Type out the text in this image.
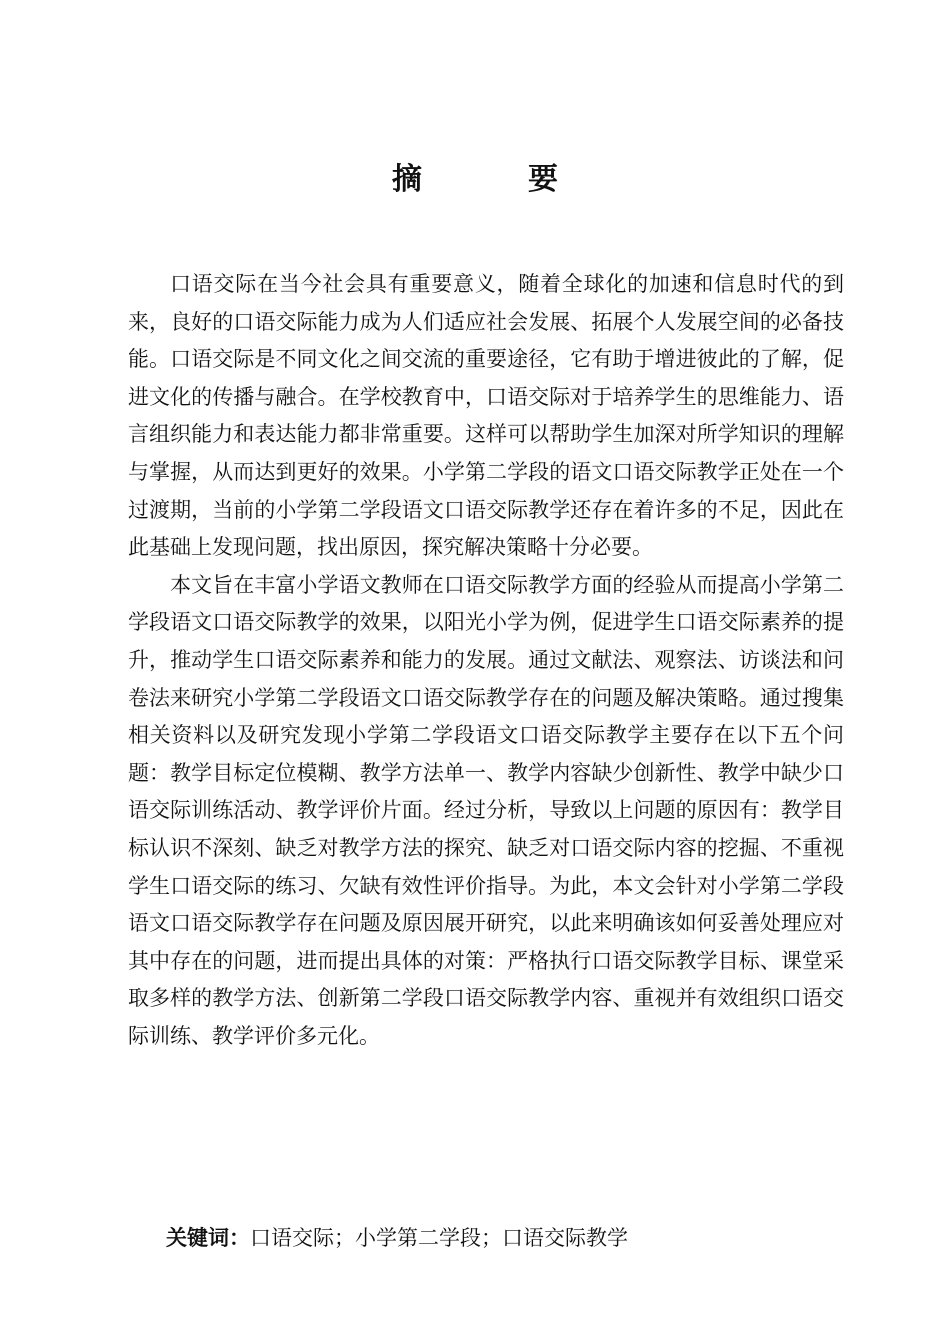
摘　要

口语交际在当今社会具有重要意义，随着全球化的加速和信息时代的到来，良好的口语交际能力成为人们适应社会发展、拓展个人发展空间的必备技能。口语交际是不同文化之间交流的重要途径，它有助于增进彼此的了解，促进文化的传播与融合。在学校教育中，口语交际对于培养学生的思维能力、语言组织能力和表达能力都非常重要。这样可以帮助学生加深对所学知识的理解与掌握，从而达到更好的效果。小学第二学段的语文口语交际教学正处在一个过渡期，当前的小学第二学段语文口语交际教学还存在着许多的不足，因此在此基础上发现问题，找出原因，探究解决策略十分必要。

本文旨在丰富小学语文教师在口语交际教学方面的经验从而提高小学第二学段语文口语交际教学的效果，以阳光小学为例，促进学生口语交际素养的提升，推动学生口语交际素养和能力的发展。通过文献法、观察法、访谈法和问卷法来研究小学第二学段语文口语交际教学存在的问题及解决策略。通过搜集相关资料以及研究发现小学第二学段语文口语交际教学主要存在以下五个问题：教学目标定位模糊、教学方法单一、教学内容缺少创新性、教学中缺少口语交际训练活动、教学评价片面。经过分析，导致以上问题的原因有：教学目标认识不深刻、缺乏对教学方法的探究、缺乏对口语交际内容的挖掘、不重视学生口语交际的练习、欠缺有效性评价指导。为此，本文会针对小学第二学段语文口语交际教学存在问题及原因展开研究，以此来明确该如何妥善处理应对其中存在的问题，进而提出具体的对策：严格执行口语交际教学目标、课堂采取多样的教学方法、创新第二学段口语交际教学内容、重视并有效组织口语交际训练、教学评价多元化。

关键词：口语交际；小学第二学段；口语交际教学
